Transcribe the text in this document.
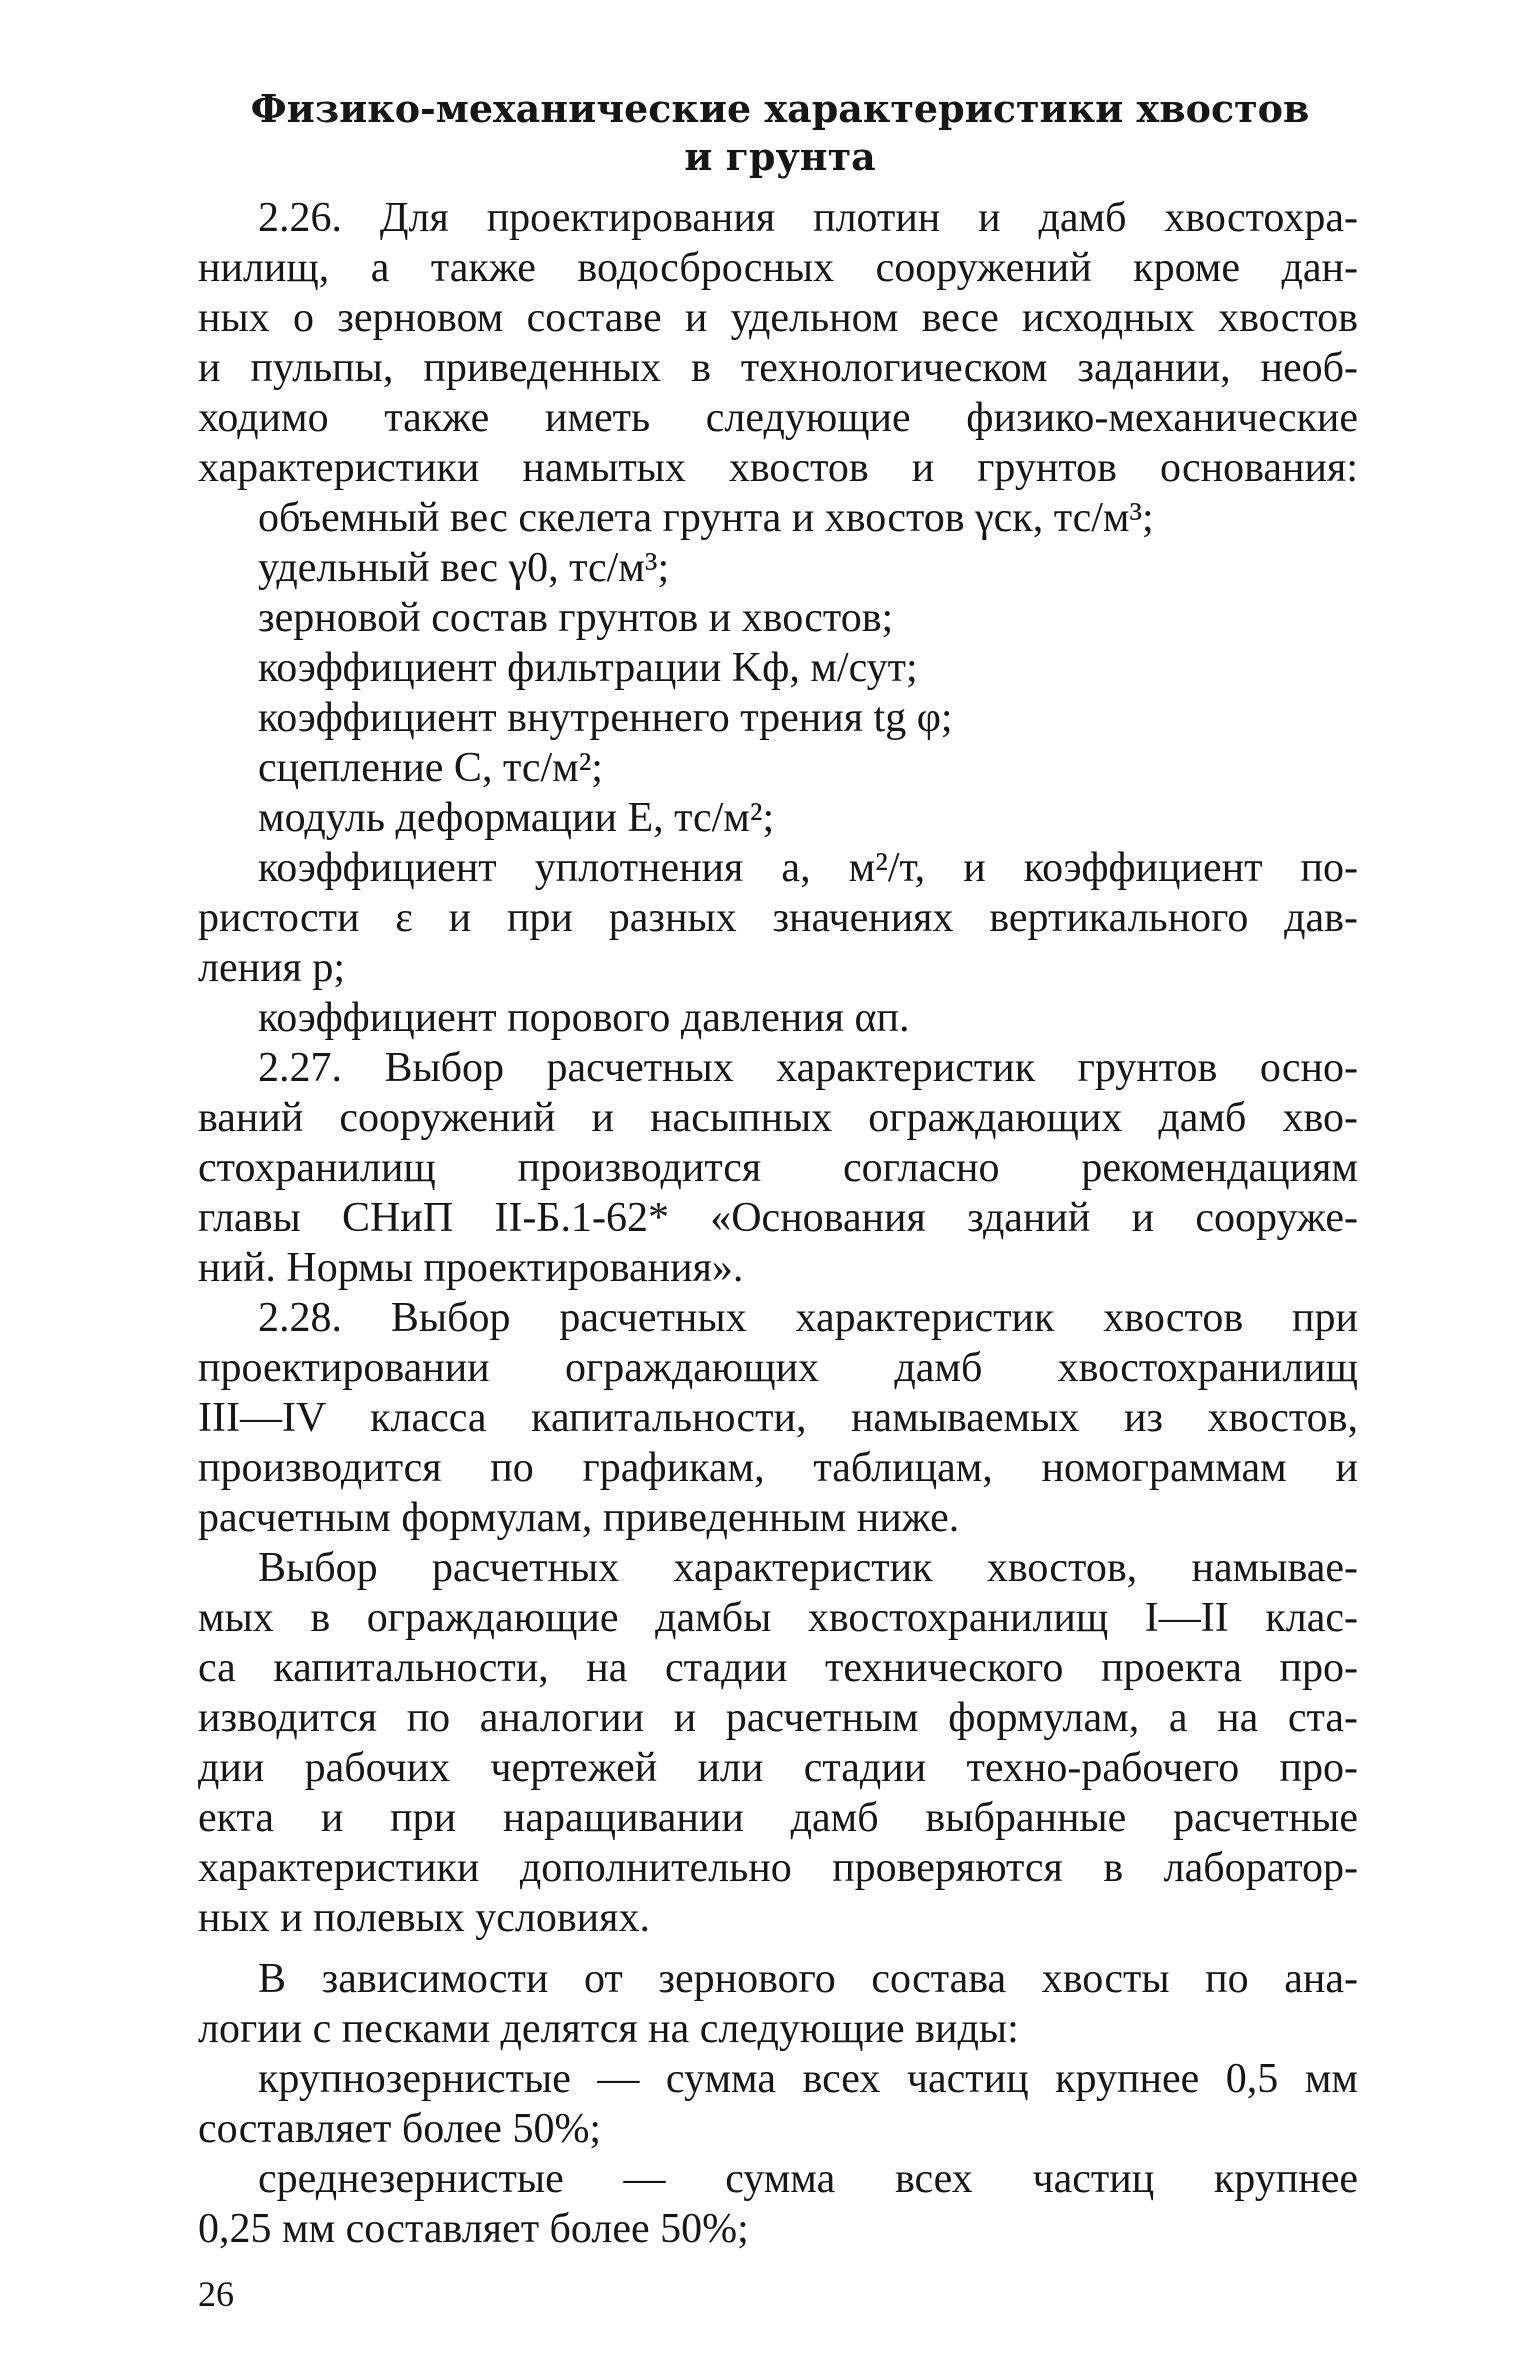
Физико-механические характеристики хвостов
и грунта
2.26. Для проектирования плотин и дамб хвостохра-
нилищ, а также водосбросных сооружений кроме дан-
ных о зерновом составе и удельном весе исходных хвостов
и пульпы, приведенных в технологическом задании, необ-
ходимо также иметь следующие физико-механические
характеристики намытых хвостов и грунтов основания:
объемный вес скелета грунта и хвостов γск, тс/м³;
удельный вес γ0, тс/м³;
зерновой состав грунтов и хвостов;
коэффициент фильтрации Kф, м/сут;
коэффициент внутреннего трения tg φ;
сцепление C, тс/м²;
модуль деформации E, тс/м²;
коэффициент уплотнения a, м²/т, и коэффициент по-
ристости ε и при разных значениях вертикального дав-
ления p;
коэффициент порового давления αп.
2.27. Выбор расчетных характеристик грунтов осно-
ваний сооружений и насыпных ограждающих дамб хво-
стохранилищ производится согласно рекомендациям
главы СНиП II-Б.1-62* «Основания зданий и сооруже-
ний. Нормы проектирования».
2.28. Выбор расчетных характеристик хвостов при
проектировании ограждающих дамб хвостохранилищ
III—IV класса капитальности, намываемых из хвостов,
производится по графикам, таблицам, номограммам и
расчетным формулам, приведенным ниже.
Выбор расчетных характеристик хвостов, намывае-
мых в ограждающие дамбы хвостохранилищ I—II клас-
са капитальности, на стадии технического проекта про-
изводится по аналогии и расчетным формулам, а на ста-
дии рабочих чертежей или стадии техно-рабочего про-
екта и при наращивании дамб выбранные расчетные
характеристики дополнительно проверяются в лаборатор-
ных и полевых условиях.
В зависимости от зернового состава хвосты по ана-
логии с песками делятся на следующие виды:
крупнозернистые — сумма всех частиц крупнее 0,5 мм
составляет более 50%;
среднезернистые — сумма всех частиц крупнее
0,25 мм составляет более 50%;
26
